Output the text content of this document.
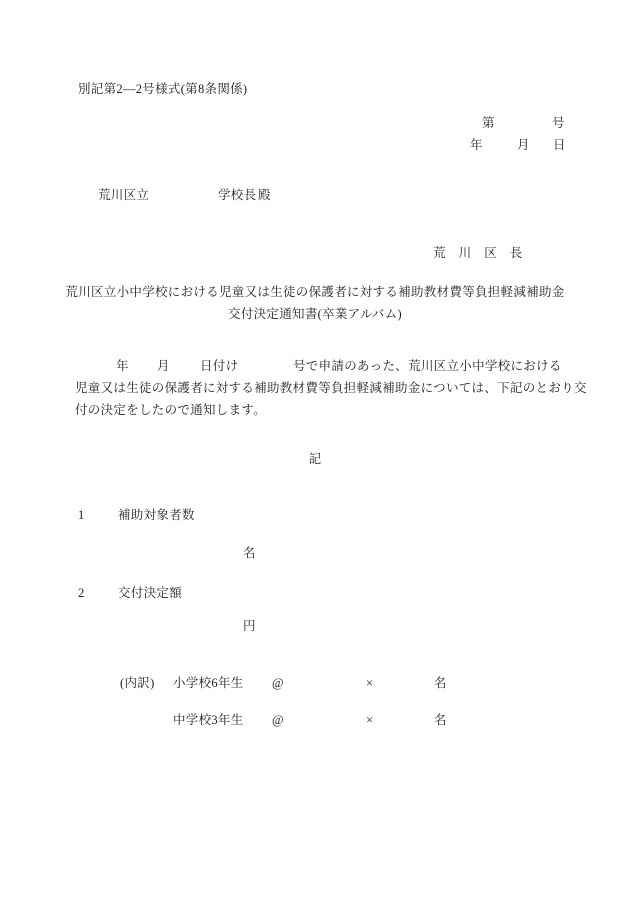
別記第2―2号様式(第8条関係)
第	号
年	月 日
荒川区立	学校長 殿
荒　川　区　長
荒川区立小中学校における児童又は生徒の保護者に対する補助教材費等負担軽減補助金
交付決定通知書(卒業アルバム)
年 月 日付け	号で申請のあった、荒川区立小中学校における
児童又は生徒の保護者に対する補助教材費等負担軽減補助金については、下記のとおり交
付の決定をしたので通知します。
記
1	補助対象者数
名
2	交付決定額
円
(内訳) 小学校6年生 @	×	名
中学校3年生 @	×	名
